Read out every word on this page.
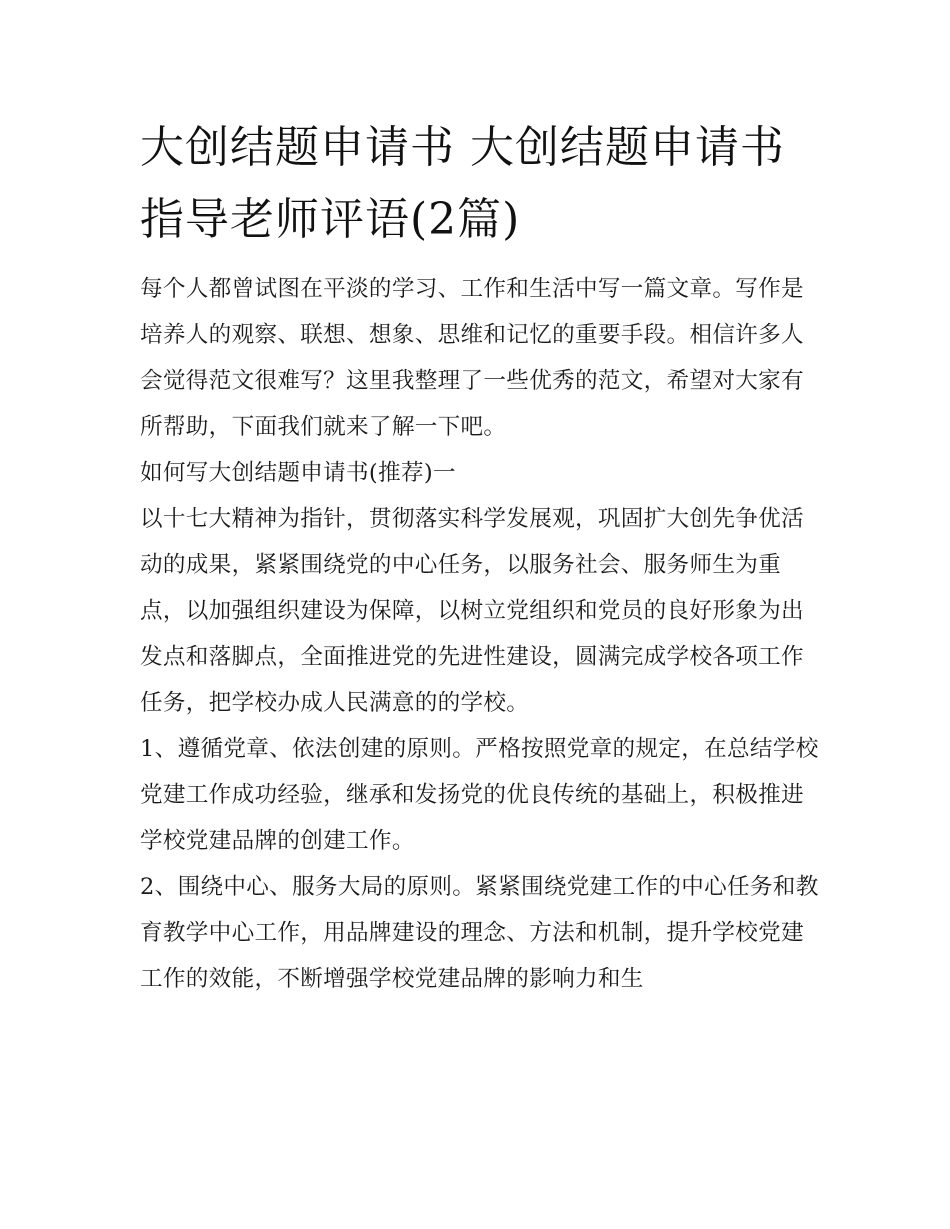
大创结题申请书 大创结题申请书指导老师评语(2篇)

每个人都曾试图在平淡的学习、工作和生活中写一篇文章。写作是培养人的观察、联想、想象、思维和记忆的重要手段。相信许多人会觉得范文很难写？这里我整理了一些优秀的范文，希望对大家有所帮助，下面我们就来了解一下吧。

如何写大创结题申请书(推荐)一

以十七大精神为指针，贯彻落实科学发展观，巩固扩大创先争优活动的成果，紧紧围绕党的中心任务，以服务社会、服务师生为重点，以加强组织建设为保障，以树立党组织和党员的良好形象为出发点和落脚点，全面推进党的先进性建设，圆满完成学校各项工作任务，把学校办成人民满意的的学校。

1、遵循党章、依法创建的原则。严格按照党章的规定，在总结学校党建工作成功经验，继承和发扬党的优良传统的基础上，积极推进学校党建品牌的创建工作。

2、围绕中心、服务大局的原则。紧紧围绕党建工作的中心任务和教育教学中心工作，用品牌建设的理念、方法和机制，提升学校党建工作的效能，不断增强学校党建品牌的影响力和生
